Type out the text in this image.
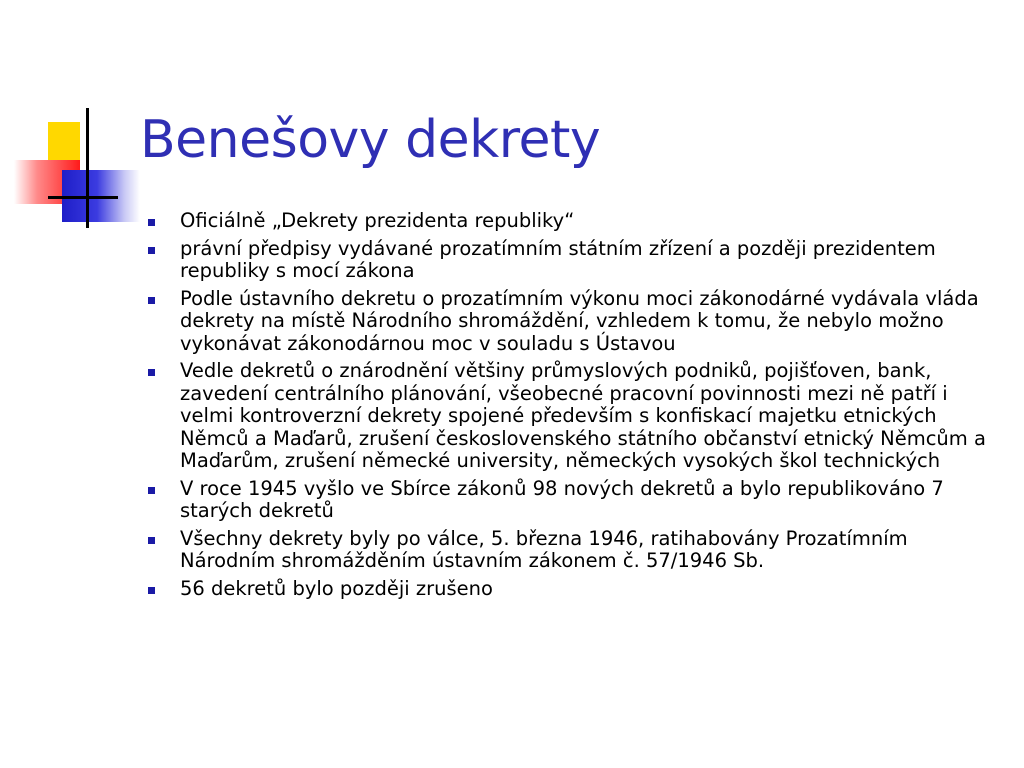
Benešovy dekrety
Oficiálně „Dekrety prezidenta republiky“
právní předpisy vydávané prozatímním státním zřízení a později prezidentem republiky s mocí zákona
Podle ústavního dekretu o prozatímním výkonu moci zákonodárné vydávala vláda dekrety na místě Národního shromáždění, vzhledem k tomu, že nebylo možno vykonávat zákonodárnou moc v souladu s Ústavou
Vedle dekretů o znárodnění většiny průmyslových podniků, pojišťoven, bank, zavedení centrálního plánování, všeobecné pracovní povinnosti mezi ně patří i velmi kontroverzní dekrety spojené především s konfiskací majetku etnických Němců a Maďarů, zrušení československého státního občanství etnický Němcům a Maďarům, zrušení německé university, německých vysokých škol technických
V roce 1945 vyšlo ve Sbírce zákonů 98 nových dekretů a bylo republikováno 7 starých dekretů
Všechny dekrety byly po válce, 5. března 1946, ratihabovány Prozatímním Národním shromážděním ústavním zákonem č. 57/1946 Sb.
56 dekretů bylo později zrušeno
